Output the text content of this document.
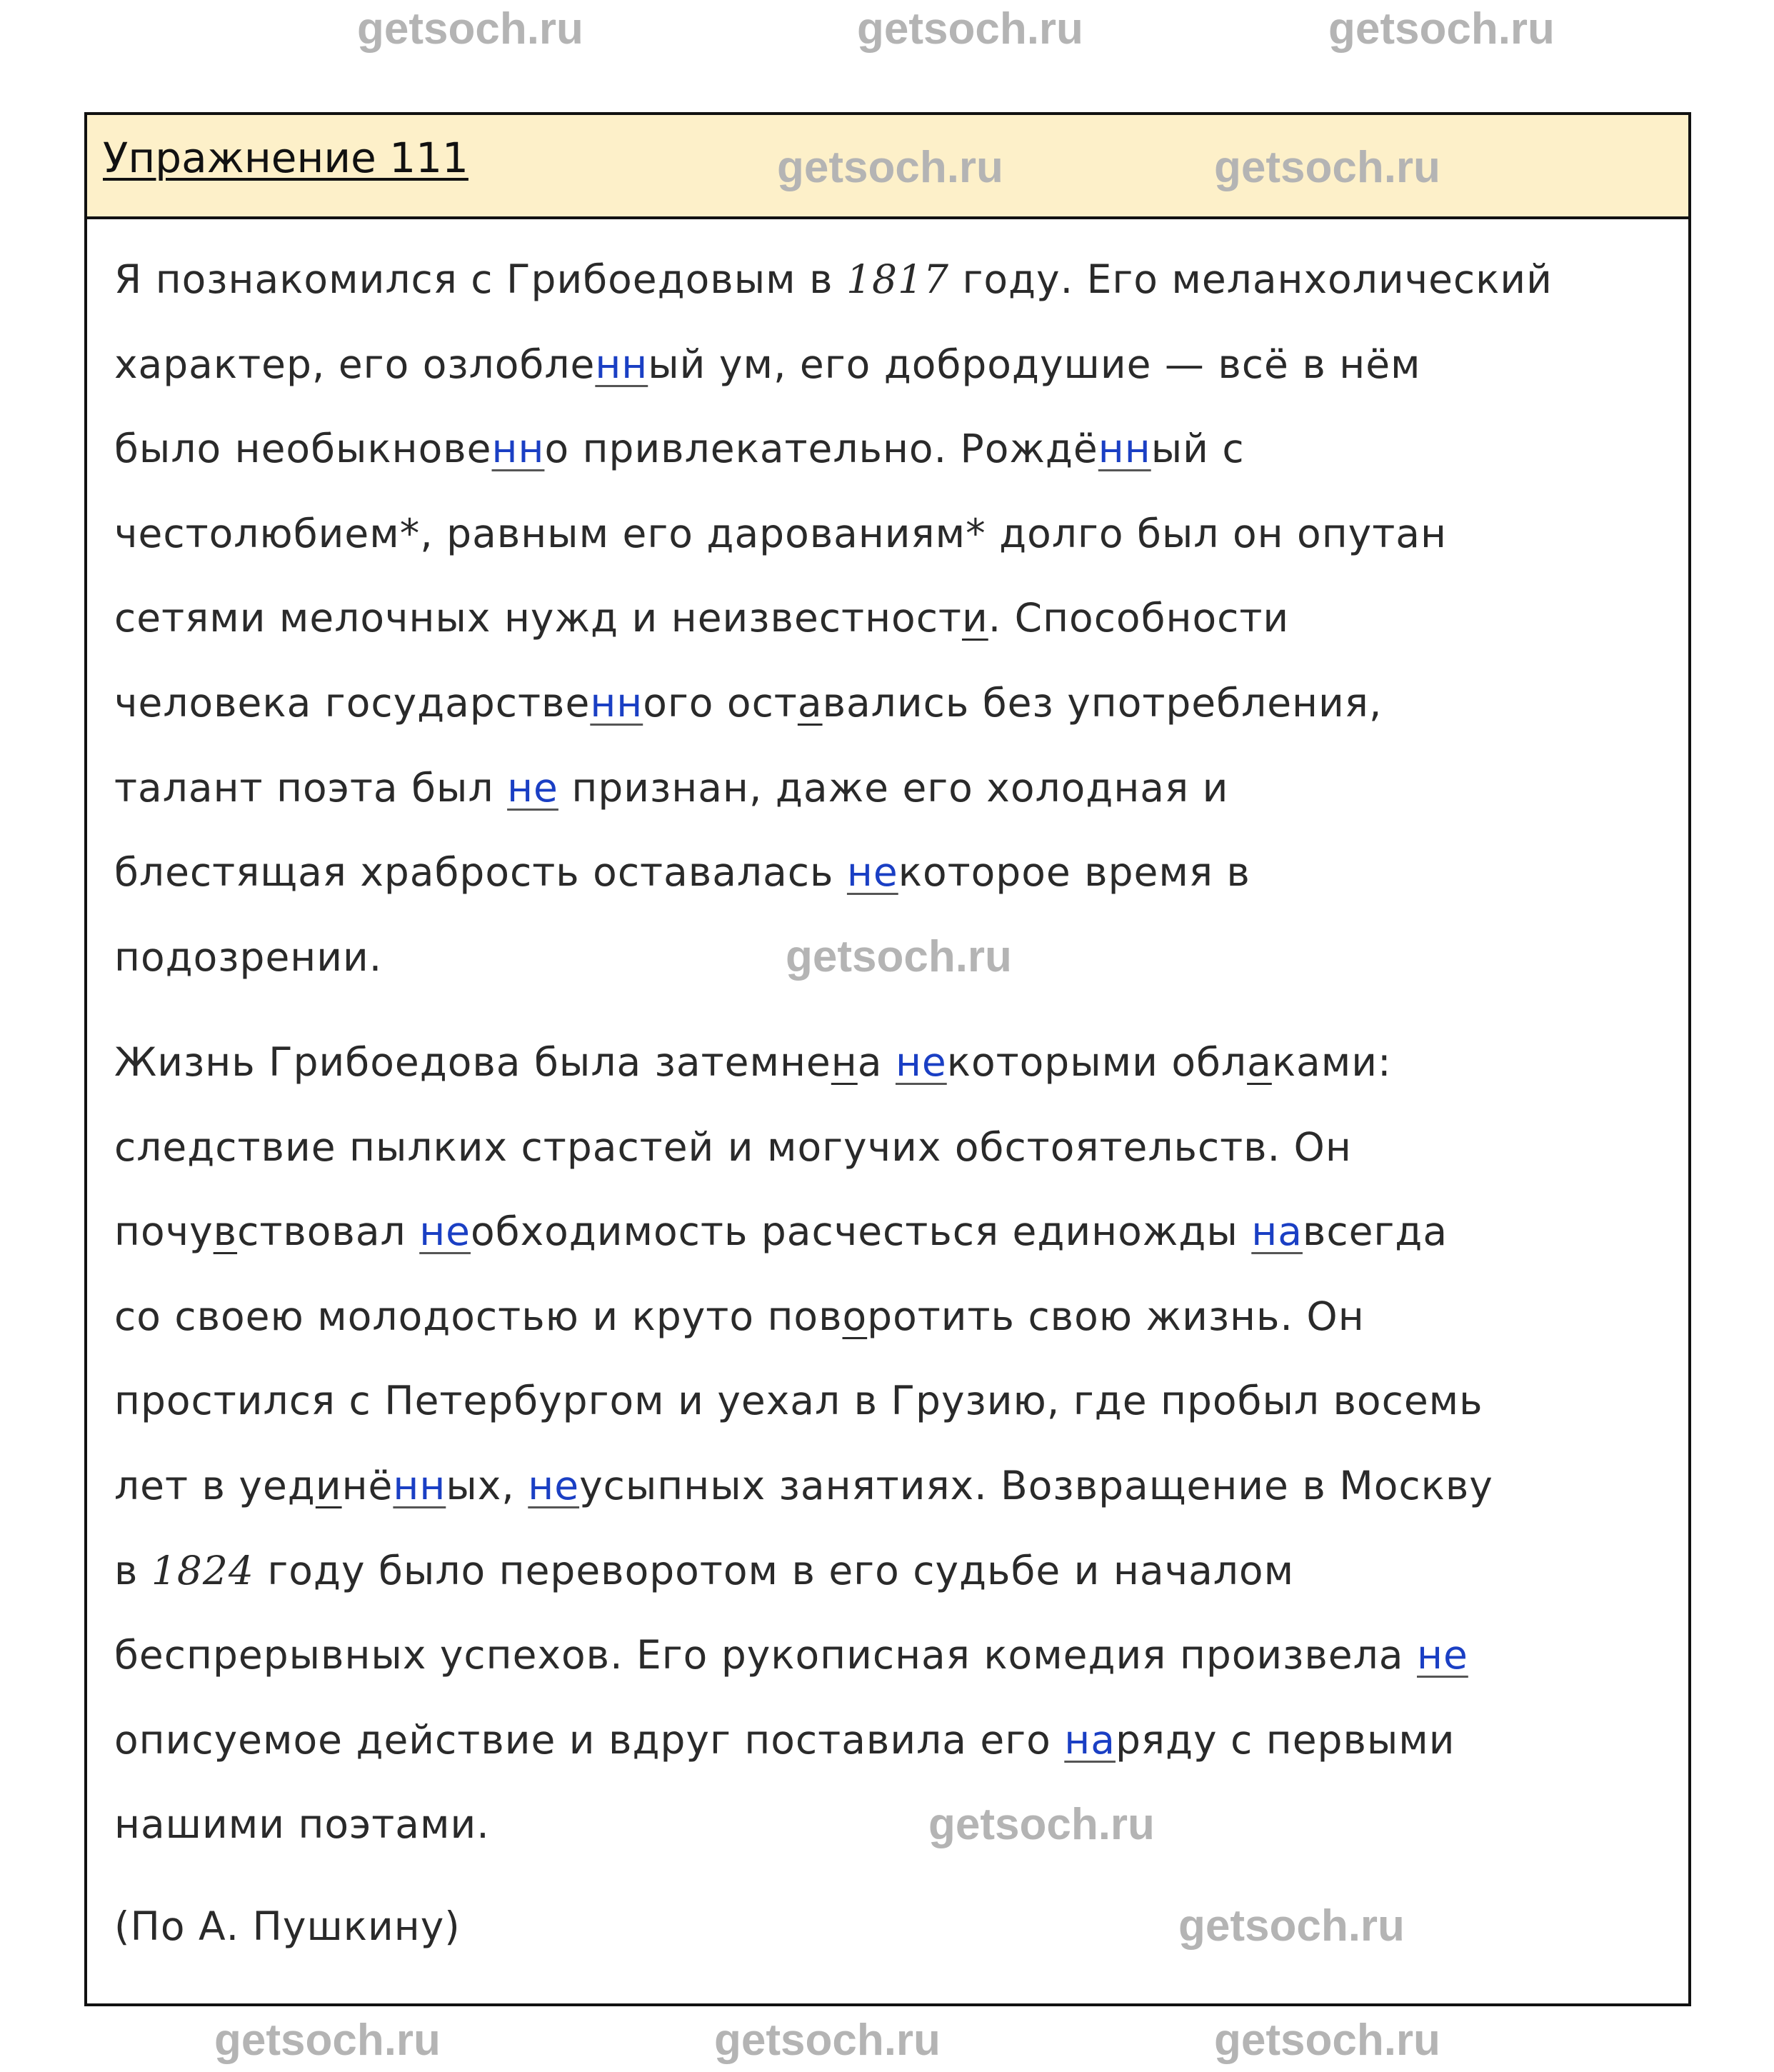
Упражнение 111
Я познакомился с Грибоедовым в 1817 году. Его меланхолический
характер, его озлобленный ум, его добродушие — всё в нём
было необыкновенно привлекательно. Рождённый с
честолюбием*, равным его дарованиям* долго был он опутан
сетями мелочных нужд и неизвестности. Способности
человека государственного оставались без употребления,
талант поэта был не признан, даже его холодная и
блестящая храбрость оставалась некоторое время в
подозрении.
Жизнь Грибоедова была затемнена некоторыми облаками:
следствие пылких страстей и могучих обстоятельств. Он
почувствовал необходимость расчесться единожды навсегда
со своею молодостью и круто поворотить свою жизнь. Он
простился с Петербургом и уехал в Грузию, где пробыл восемь
лет в уединённых, неусыпных занятиях. Возвращение в Москву
в 1824 году было переворотом в его судьбе и началом
беспрерывных успехов. Его рукописная комедия произвела не
описуемое действие и вдруг поставила его наряду с первыми
нашими поэтами.
(По А. Пушкину)
getsoch.ru
getsoch.ru
getsoch.ru
getsoch.ru	getsoch.ru
getsoch.ru
getsoch.ru
getsoch.ru
getsoch.ru	getsoch.ru	getsoch.ru
